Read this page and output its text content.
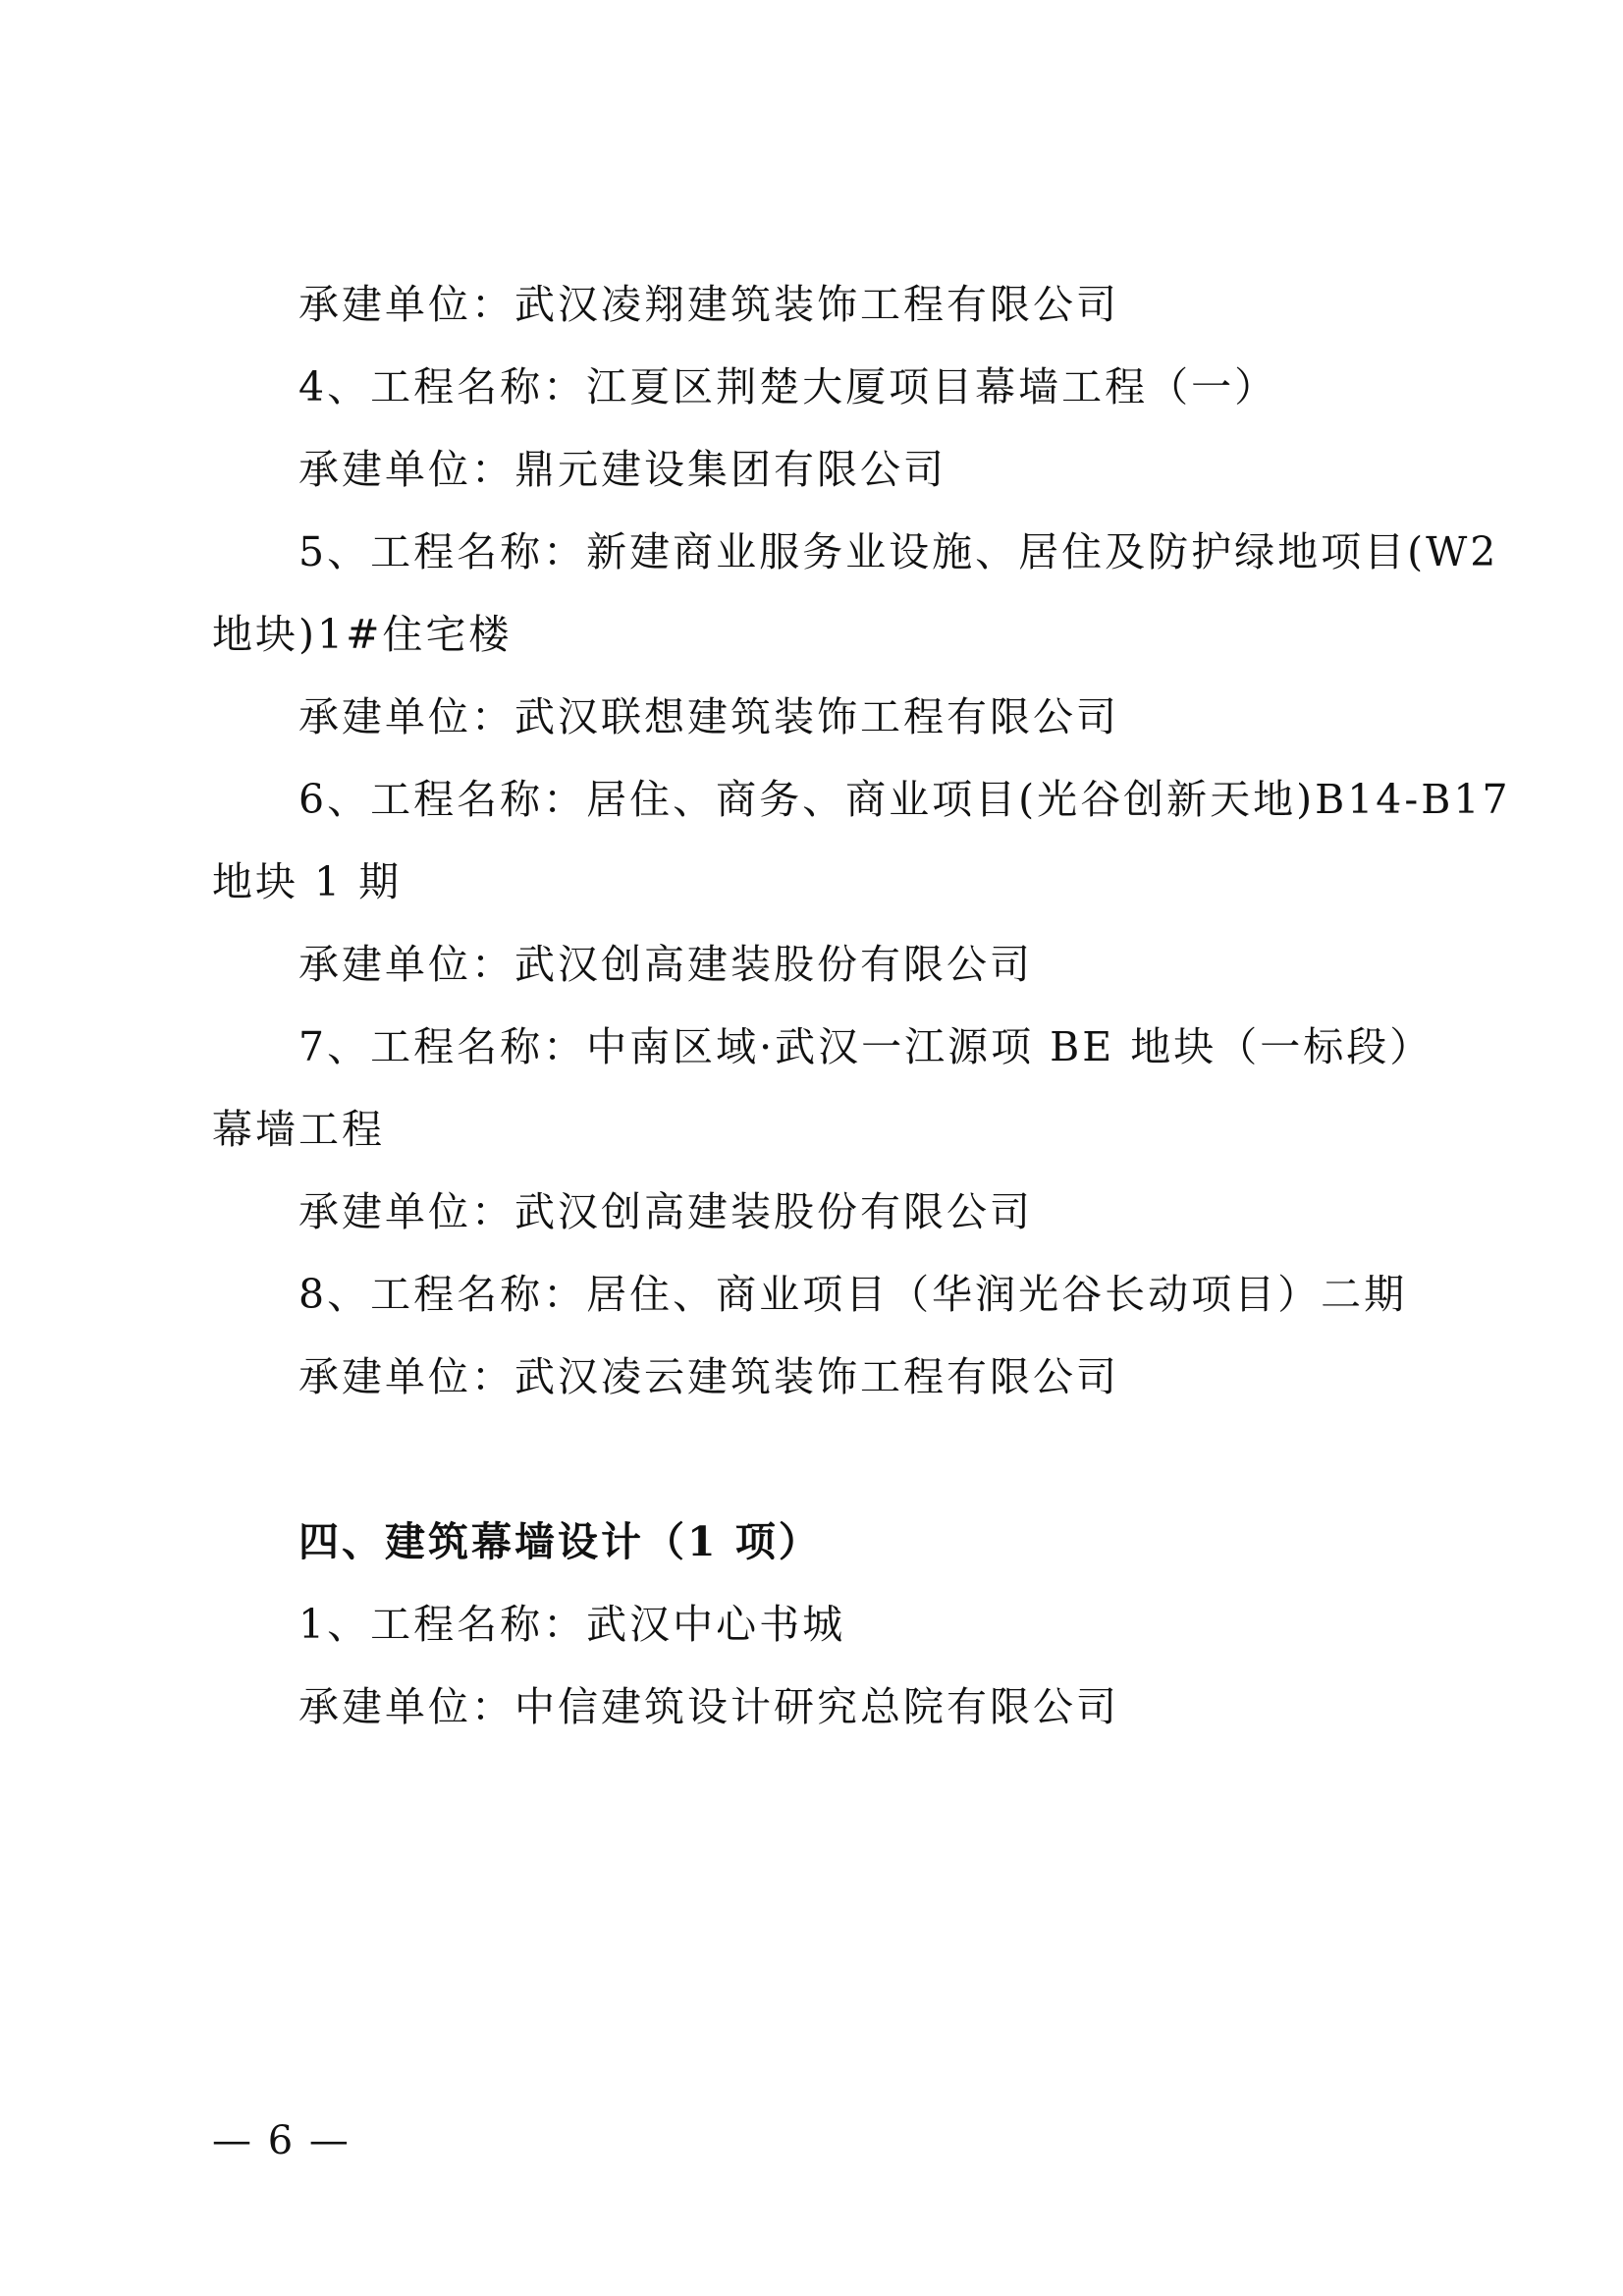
承建单位：武汉凌翔建筑装饰工程有限公司
4、工程名称：江夏区荆楚大厦项目幕墙工程（一）
承建单位：鼎元建设集团有限公司
5、工程名称：新建商业服务业设施、居住及防护绿地项目(W2
地块)1#住宅楼
承建单位：武汉联想建筑装饰工程有限公司
6、工程名称：居住、商务、商业项目(光谷创新天地)B14-B17
地块 1 期
承建单位：武汉创高建装股份有限公司
7、工程名称：中南区域·武汉一江源项 BE 地块（一标段）
幕墙工程
承建单位：武汉创高建装股份有限公司
8、工程名称：居住、商业项目（华润光谷长动项目）二期
承建单位：武汉凌云建筑装饰工程有限公司
四、建筑幕墙设计（1 项）
1、工程名称：武汉中心书城
承建单位：中信建筑设计研究总院有限公司
— 6 —
